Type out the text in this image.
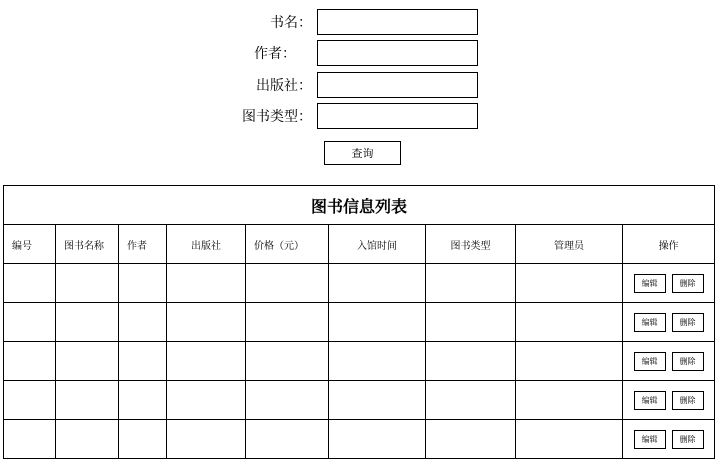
书名：
作者：
出版社：
图书类型：
查询
图书信息列表								
编号	图书名称	作者	出版社	价格（元）	入馆时间	图书类型	管理员	操作
								编辑 删除
								编辑 删除
								编辑 删除
								编辑 删除
								编辑 删除
